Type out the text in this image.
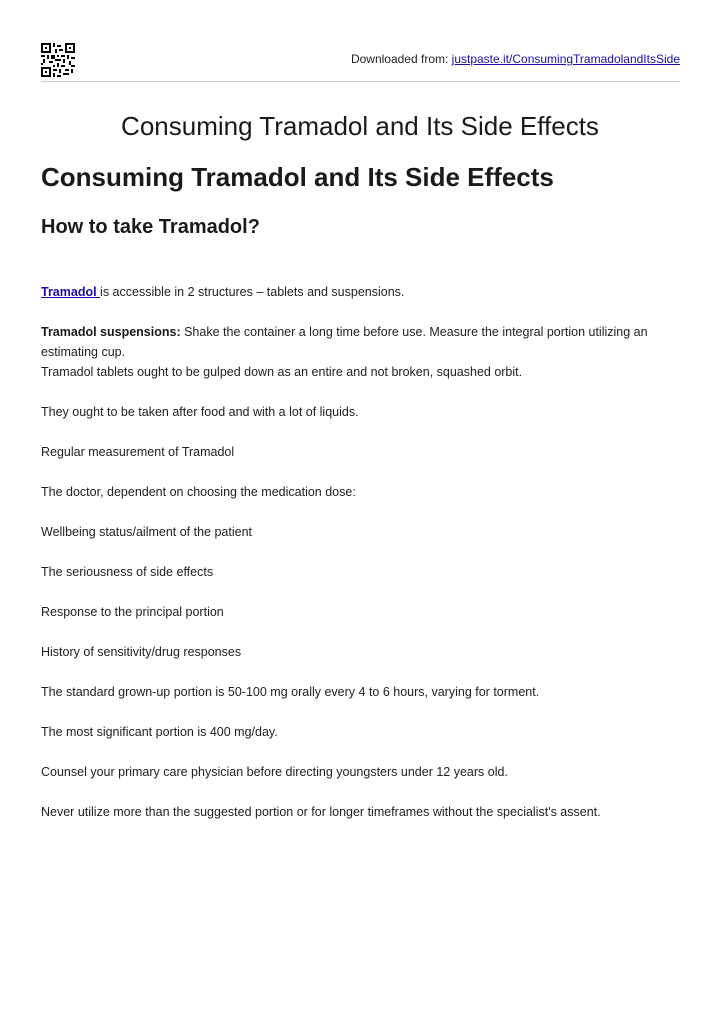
Downloaded from: justpaste.it/ConsumingTramadolandItsSide
Consuming Tramadol and Its Side Effects
Consuming Tramadol and Its Side Effects
How to take Tramadol?

Tramadol is accessible in 2 structures – tablets and suspensions.

Tramadol suspensions: Shake the container a long time before use. Measure the integral portion utilizing an estimating cup.
Tramadol tablets ought to be gulped down as an entire and not broken, squashed orbit.

They ought to be taken after food and with a lot of liquids.

Regular measurement of Tramadol

The doctor, dependent on choosing the medication dose:

Wellbeing status/ailment of the patient

The seriousness of side effects

Response to the principal portion

History of sensitivity/drug responses

The standard grown-up portion is 50-100 mg orally every 4 to 6 hours, varying for torment.

The most significant portion is 400 mg/day.

Counsel your primary care physician before directing youngsters under 12 years old.

Never utilize more than the suggested portion or for longer timeframes without the specialist's assent.
